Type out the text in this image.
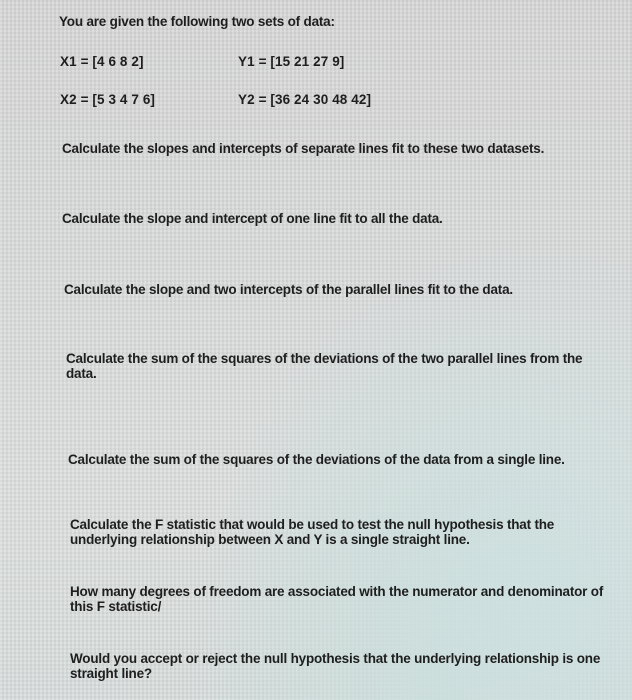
You are given the following two sets of data:
X1 = [4 6 8 2]	Y1 = [15 21 27 9]
X2 = [5 3 4 7 6]	Y2 = [36 24 30 48 42]
Calculate the slopes and intercepts of separate lines fit to these two datasets.
Calculate the slope and intercept of one line fit to all the data.
Calculate the slope and two intercepts of the parallel lines fit to the data.
Calculate the sum of the squares of the deviations of the two parallel lines from the data.
Calculate the sum of the squares of the deviations of the data from a single line.
Calculate the F statistic that would be used to test the null hypothesis that the underlying relationship between X and Y is a single straight line.
How many degrees of freedom are associated with the numerator and denominator of this F statistic/
Would you accept or reject the null hypothesis that the underlying relationship is one straight line?
